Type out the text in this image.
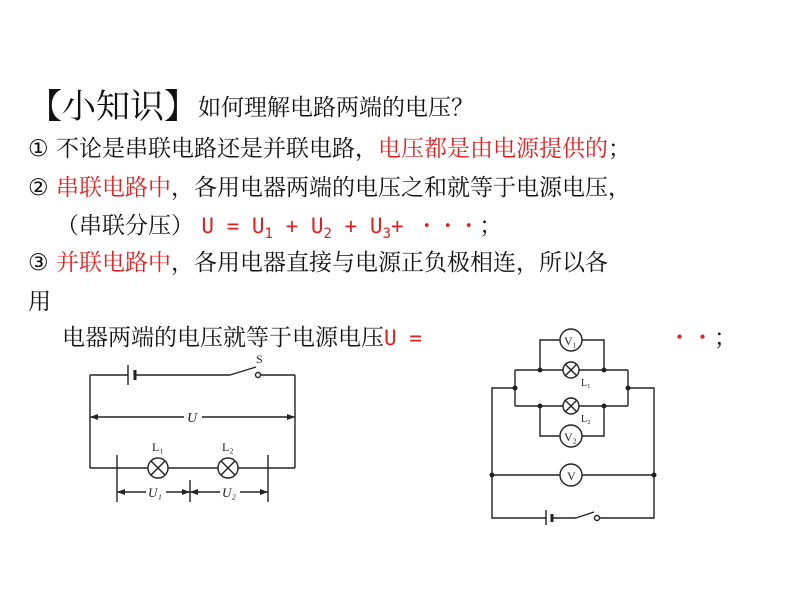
【小知识】如何理解电路两端的电压？
① 不论是串联电路还是并联电路，电压都是由电源提供的；
② 串联电路中，各用电器两端的电压之和就等于电源电压，
（串联分压） $U = U_1 + U_2 + U_3+$ ・・・；
③ 并联电路中，各用电器直接与电源正负极相连，所以各
用
电器两端的电压就等于电源电压U =	・・；
S
U
L₁	L₂
U₁	U₂
V₁
V₂
V
L₁
L₂
